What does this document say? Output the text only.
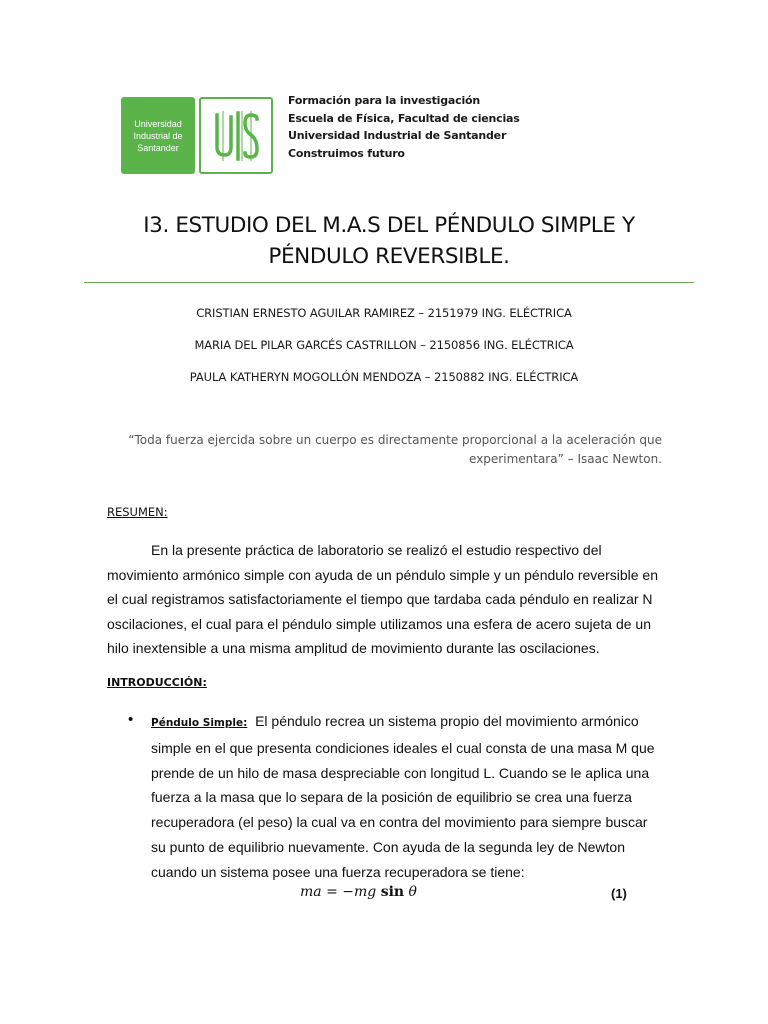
Universidad
Industrial de
Santander
Formación para la investigación
Escuela de Física, Facultad de ciencias
Universidad Industrial de Santander
Construimos futuro
I3. ESTUDIO DEL M.A.S DEL PÉNDULO SIMPLE Y
PÉNDULO REVERSIBLE.
CRISTIAN ERNESTO AGUILAR RAMIREZ – 2151979 ING. ELÉCTRICA
MARIA DEL PILAR GARCÉS CASTRILLON – 2150856 ING. ELÉCTRICA
PAULA KATHERYN MOGOLLÓN MENDOZA – 2150882 ING. ELÉCTRICA
“Toda fuerza ejercida sobre un cuerpo es directamente proporcional a la aceleración que
experimentara” – Isaac Newton.
RESUMEN:

En la presente práctica de laboratorio se realizó el estudio respectivo del movimiento armónico simple con ayuda de un péndulo simple y un péndulo reversible en el cual registramos satisfactoriamente el tiempo que tardaba cada péndulo en realizar N oscilaciones, el cual para el péndulo simple utilizamos una esfera de acero sujeta de un hilo inextensible a una misma amplitud de movimiento durante las oscilaciones.

INTRODUCCIÓN:
• Péndulo Simple: El péndulo recrea un sistema propio del movimiento armónico simple en el que presenta condiciones ideales el cual consta de una masa M que prende de un hilo de masa despreciable con longitud L. Cuando se le aplica una fuerza a la masa que lo separa de la posición de equilibrio se crea una fuerza recuperadora (el peso) la cual va en contra del movimiento para siempre buscar su punto de equilibrio nuevamente. Con ayuda de la segunda ley de Newton cuando un sistema posee una fuerza recuperadora se tiene:

ma = −mg sin θ	(1)
